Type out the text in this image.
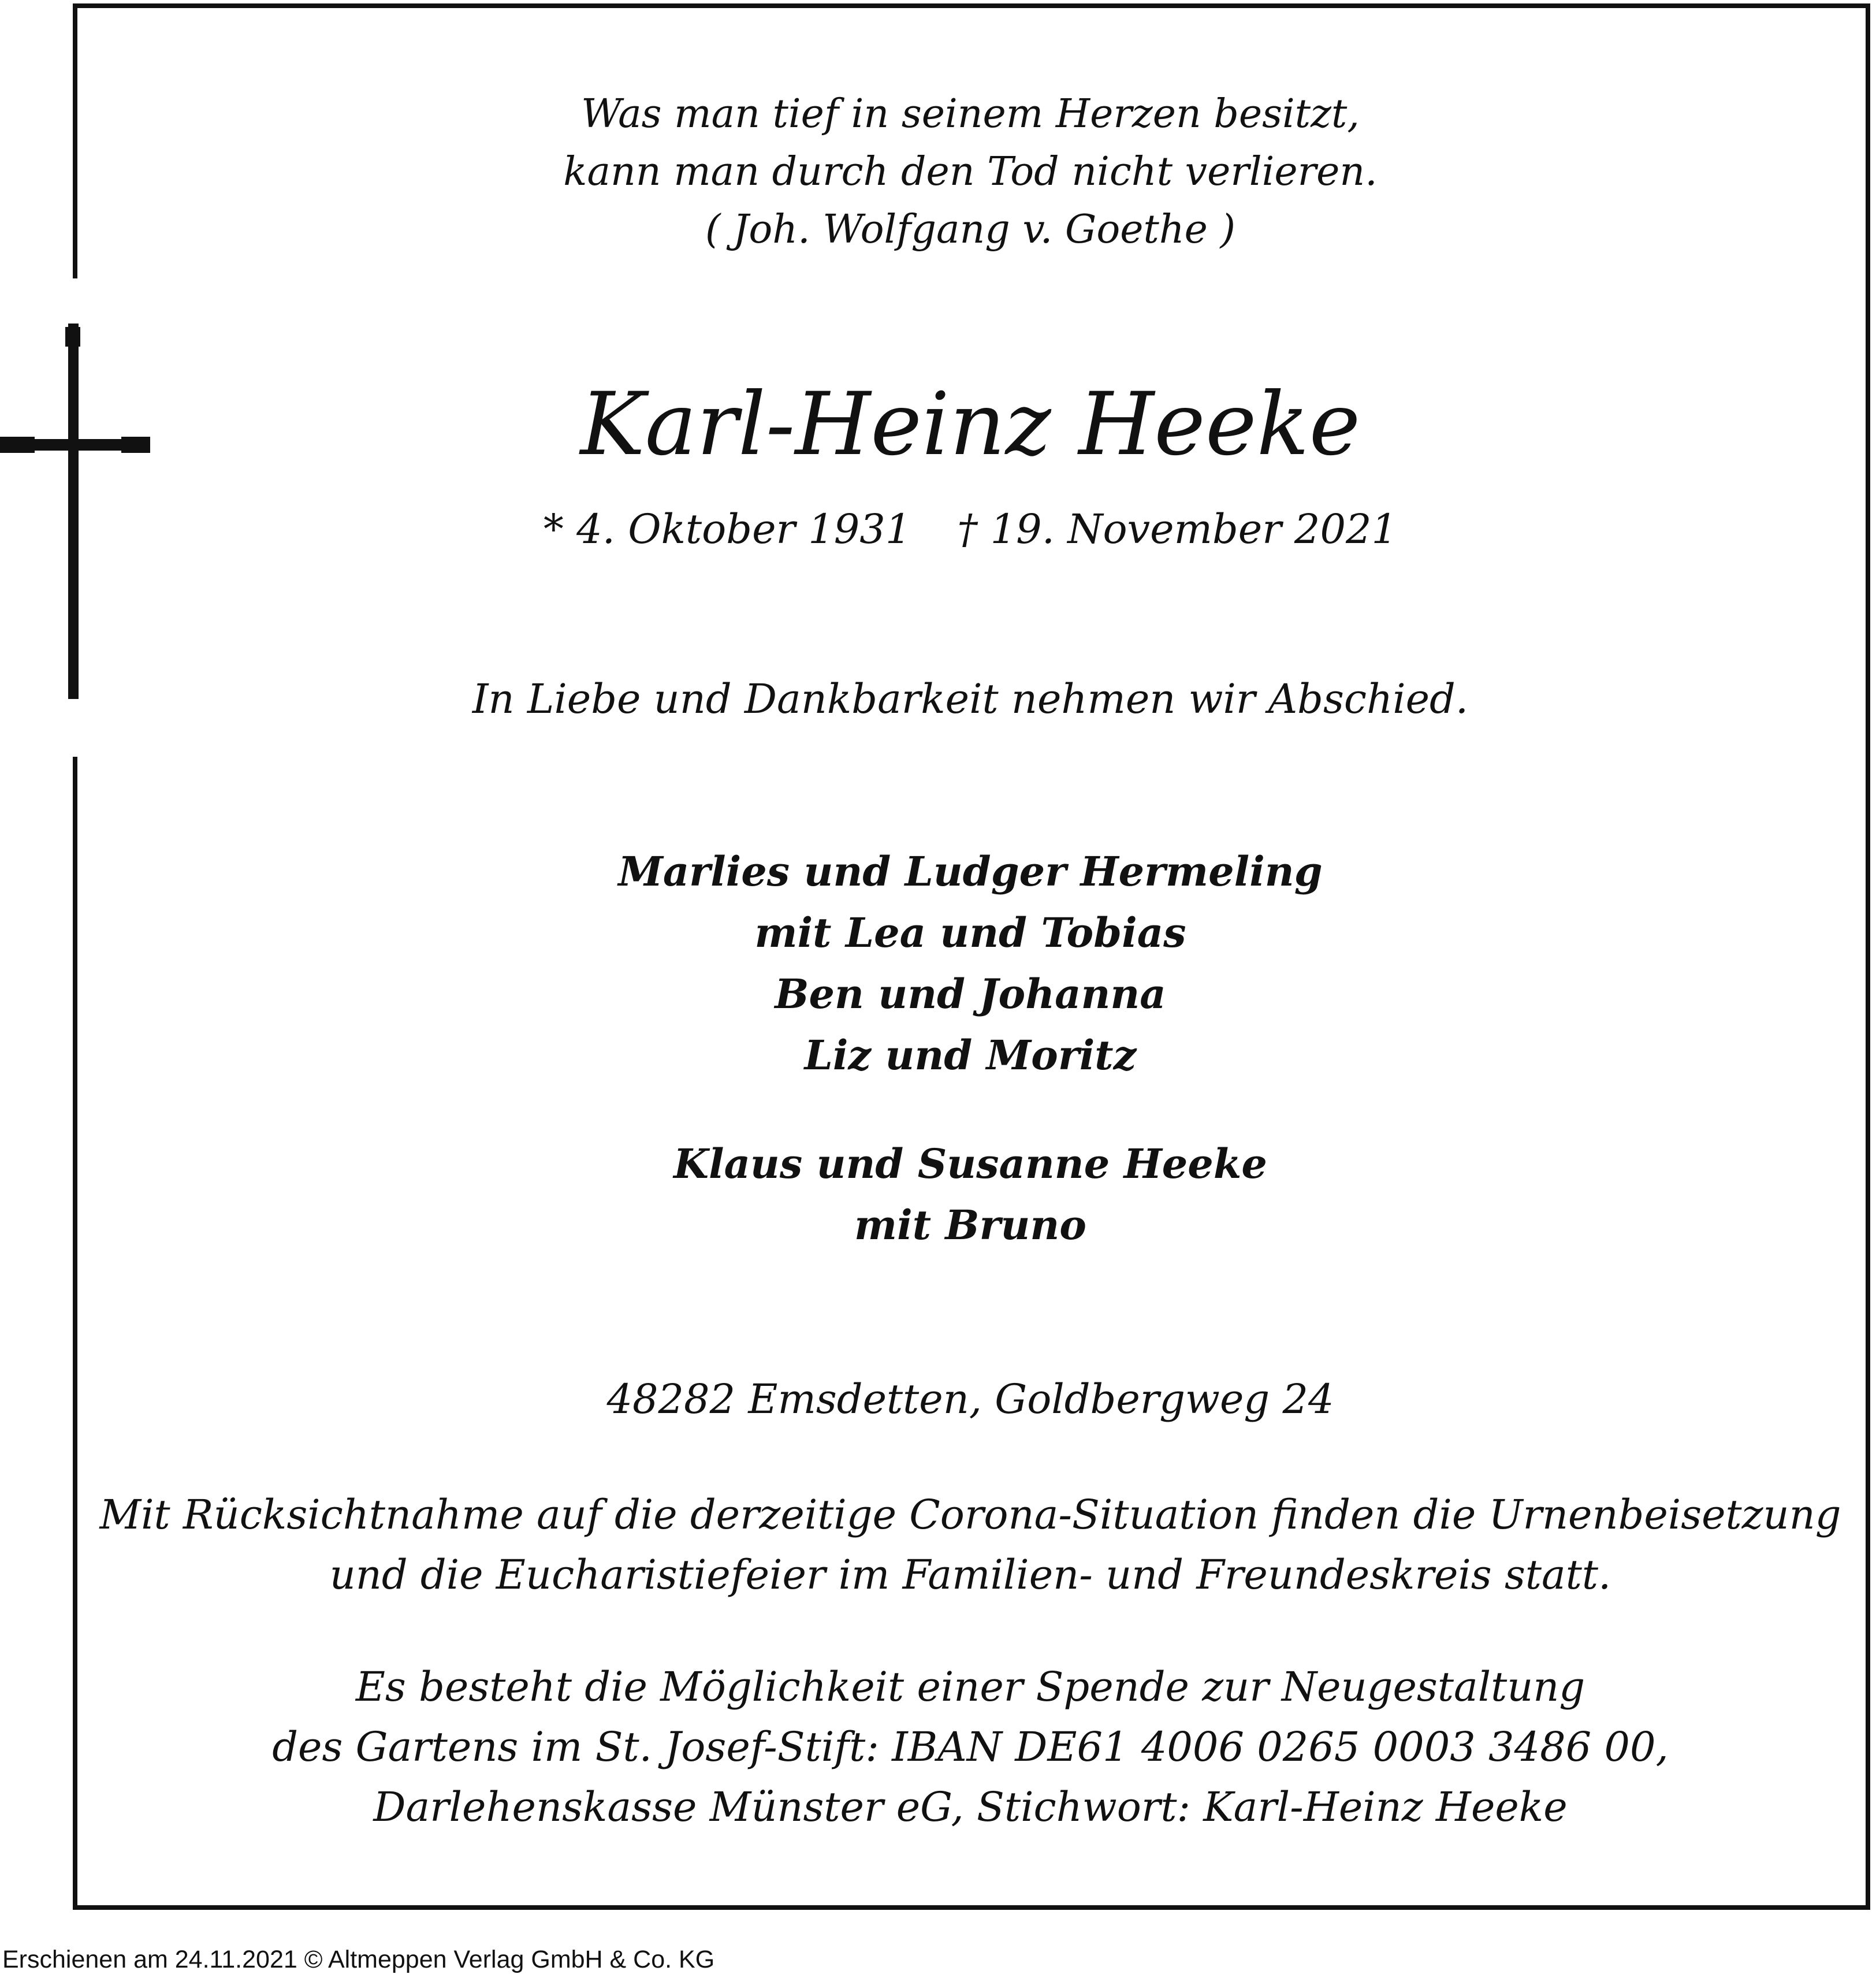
Was man tief in seinem Herzen besitzt,
kann man durch den Tod nicht verlieren.
( Joh. Wolfgang v. Goethe )
Karl-Heinz Heeke
* 4. Oktober 1931 † 19. November 2021
In Liebe und Dankbarkeit nehmen wir Abschied.
Marlies und Ludger Hermeling
mit Lea und Tobias
Ben und Johanna
Liz und Moritz
Klaus und Susanne Heeke
mit Bruno
48282 Emsdetten, Goldbergweg 24
Mit Rücksichtnahme auf die derzeitige Corona-Situation finden die Urnenbeisetzung
und die Eucharistiefeier im Familien- und Freundeskreis statt.
Es besteht die Möglichkeit einer Spende zur Neugestaltung
des Gartens im St. Josef-Stift: IBAN DE61 4006 0265 0003 3486 00,
Darlehenskasse Münster eG, Stichwort: Karl-Heinz Heeke
Erschienen am 24.11.2021 © Altmeppen Verlag GmbH & Co. KG
